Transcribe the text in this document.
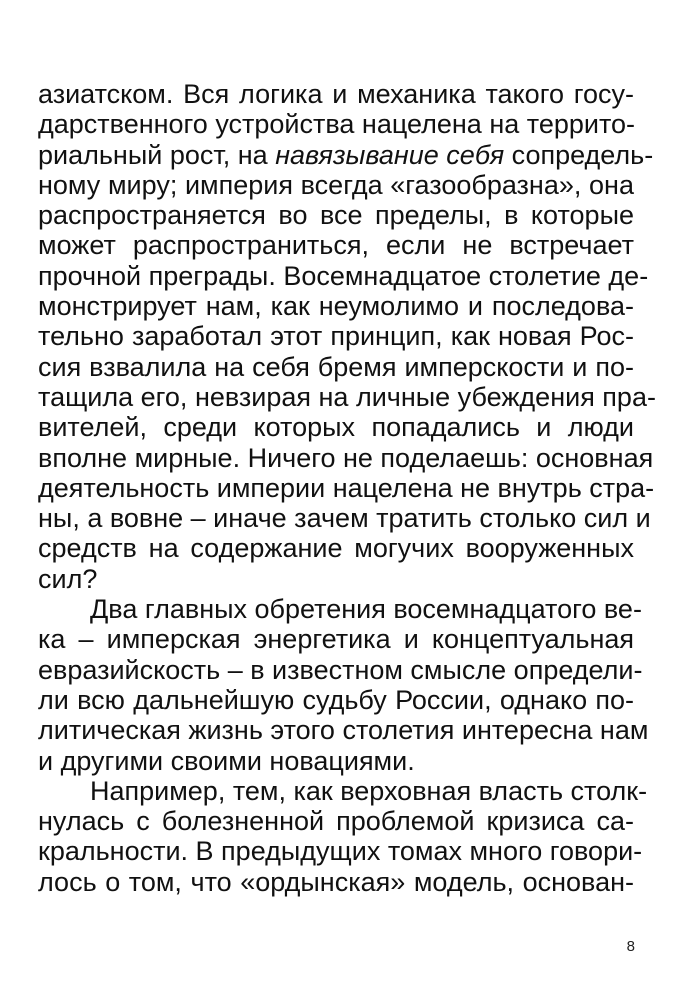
азиатском. Вся логика и механика такого госу-
дарственного устройства нацелена на террито-
риальный рост, на навязывание себя сопредель-
ному миру; империя всегда «газообразна», она
распространяется во все пределы, в которые
может распространиться, если не встречает
прочной преграды. Восемнадцатое столетие де-
монстрирует нам, как неумолимо и последова-
тельно заработал этот принцип, как новая Рос-
сия взвалила на себя бремя имперскости и по-
тащила его, невзирая на личные убеждения пра-
вителей, среди которых попадались и люди
вполне мирные. Ничего не поделаешь: основная
деятельность империи нацелена не внутрь стра-
ны, а вовне – иначе зачем тратить столько сил и
средств на содержание могучих вооруженных
сил?
Два главных обретения восемнадцатого ве-
ка – имперская энергетика и концептуальная
евразийскость – в известном смысле определи-
ли всю дальнейшую судьбу России, однако по-
литическая жизнь этого столетия интересна нам
и другими своими новациями.
Например, тем, как верховная власть столк-
нулась с болезненной проблемой кризиса са-
кральности. В предыдущих томах много говори-
лось о том, что «ордынская» модель, основан-
8
